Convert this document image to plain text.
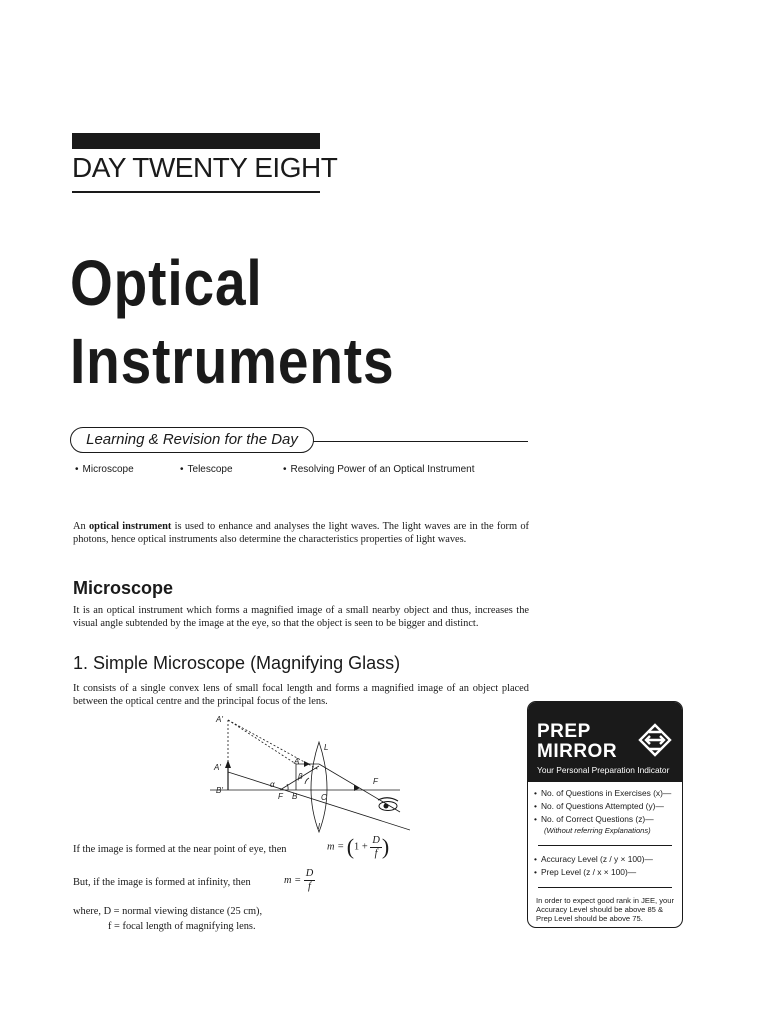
DAY TWENTY EIGHT
Optical
Instruments
Learning & Revision for the Day
• Microscope	• Telescope	• Resolving Power of an Optical Instrument

An optical instrument is used to enhance and analyses the light waves. The light waves are in the form of photons, hence optical instruments also determine the characteristics properties of light waves.

Microscope

It is an optical instrument which forms a magnified image of a small nearby object and thus, increases the visual angle subtended by the image at the eye, so that the object is seen to be bigger and distinct.

1. Simple Microscope (Magnifying Glass)

It consists of a single convex lens of small focal length and forms a magnified image of an object placed between the optical centre and the principal focus of the lens.

A'
A'
B'
A
B	C
F
F
L
α
β
l
If the image is formed at the near point of eye, then	$m = (1 + \frac{D}{f}$ )
But, if the image is formed at infinity, then	$m = \frac{D}{f}$
where, D = normal viewing distance (25 cm),
f = focal length of magnifying lens.
PREP
MIRROR
Your Personal Preparation Indicator
• No. of Questions in Exercises (x)—
• No. of Questions Attempted (y)—
• No. of Correct Questions (z)—
(Without referring Explanations)
• Accuracy Level (z / y × 100)—
• Prep Level (z / x × 100)—
In order to expect good rank in JEE, your Accuracy Level should be above 85 & Prep Level should be above 75.
